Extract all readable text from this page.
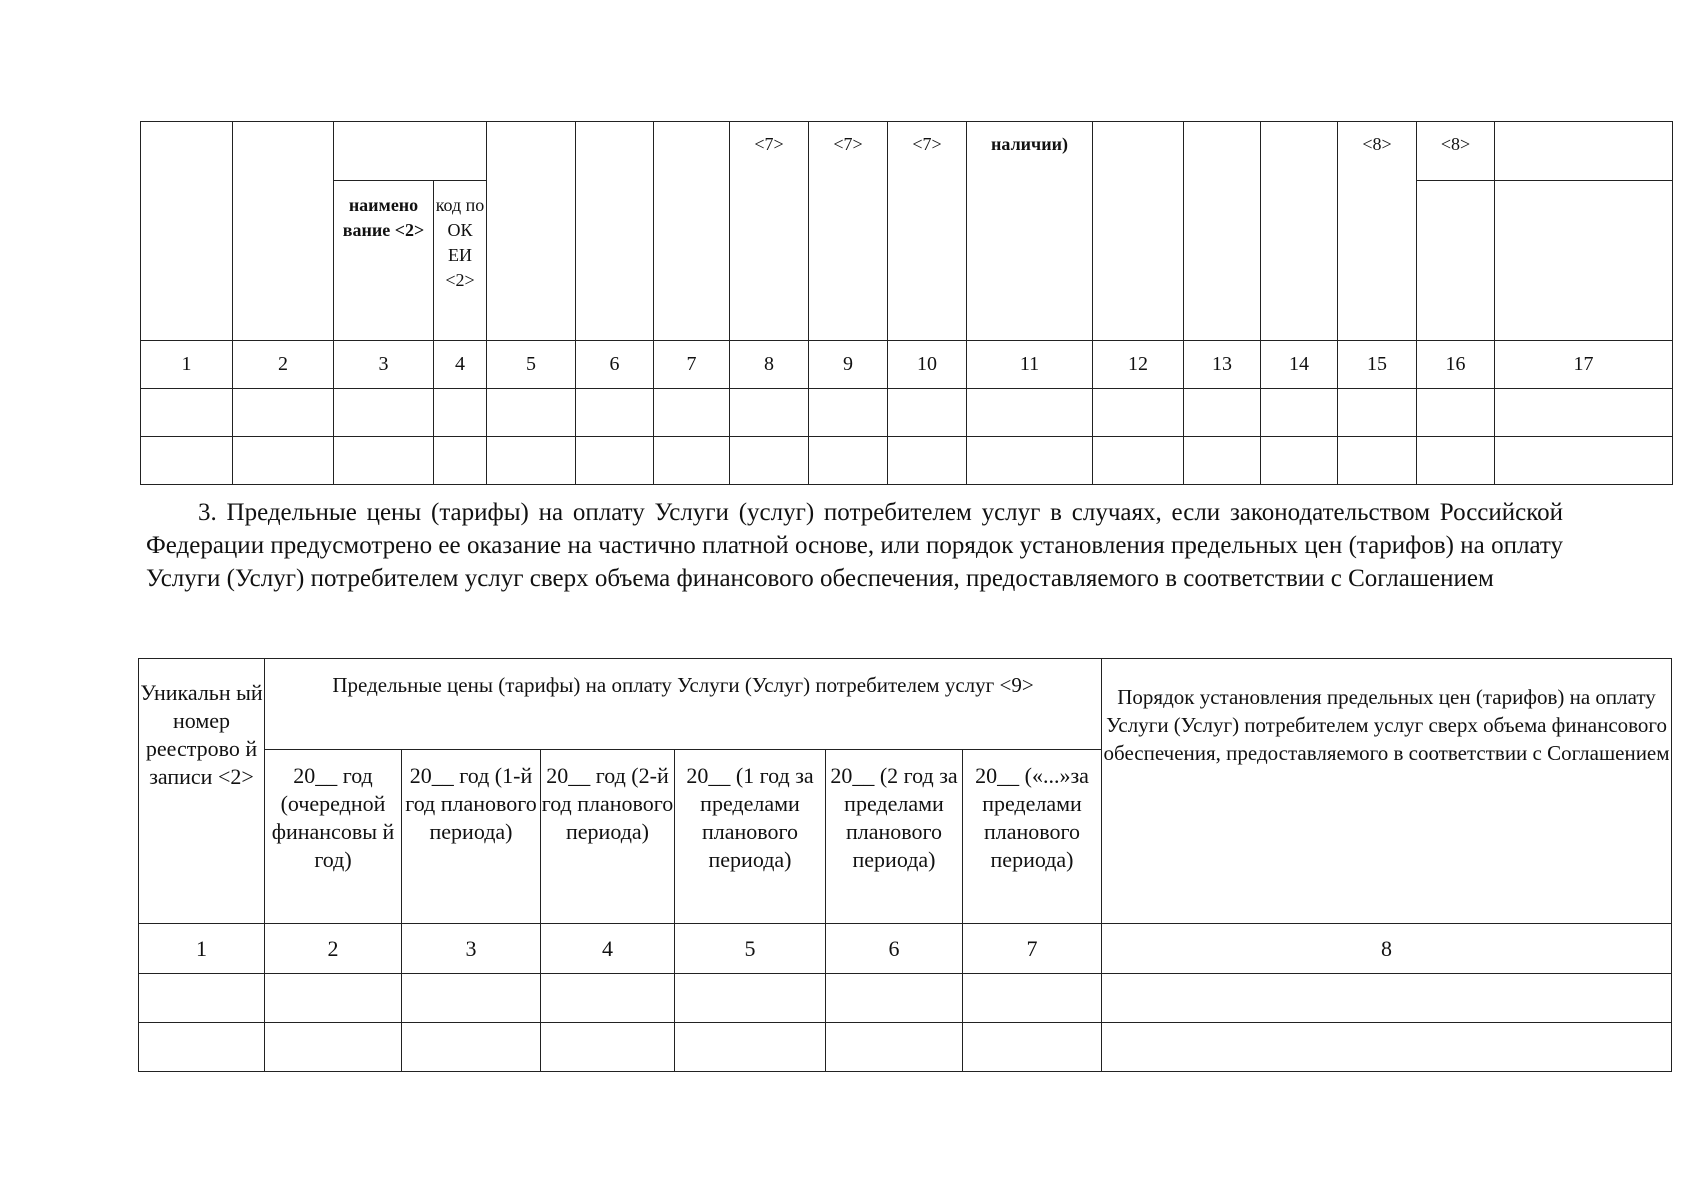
							<7>	<7>	<7>	наличии)				<8>	<8>	
		наимено вание <2>	код по ОК ЕИ <2>													
1	2	3	4	5	6	7	8	9	10	11	12	13	14	15	16	17

3. Предельные цены (тарифы) на оплату Услуги (услуг) потребителем услуг в случаях, если законодательством Российской Федерации предусмотрено ее оказание на частично платной основе, или порядок установления предельных цен (тарифов) на оплату Услуги (Услуг) потребителем услуг сверх объема финансового обеспечения, предоставляемого в соответствии с Соглашением

Уникальн ый номер реестрово й записи <2>	Предельные цены (тарифы) на оплату Услуги (Услуг) потребителем услуг <9>						Порядок установления предельных цен (тарифов) на оплату Услуги (Услуг) потребителем услуг сверх объема финансового обеспечения, предоставляемого в соответствии с Соглашением
	20__ год (очередной финансовы й год)	20__ год (1-й год планового периода)	20__ год (2-й год планового периода)	20__ (1 год за пределами планового периода)	20__ (2 год за пределами планового периода)	20__ («...»за пределами планового периода)	
1	2	3	4	5	6	7	8
